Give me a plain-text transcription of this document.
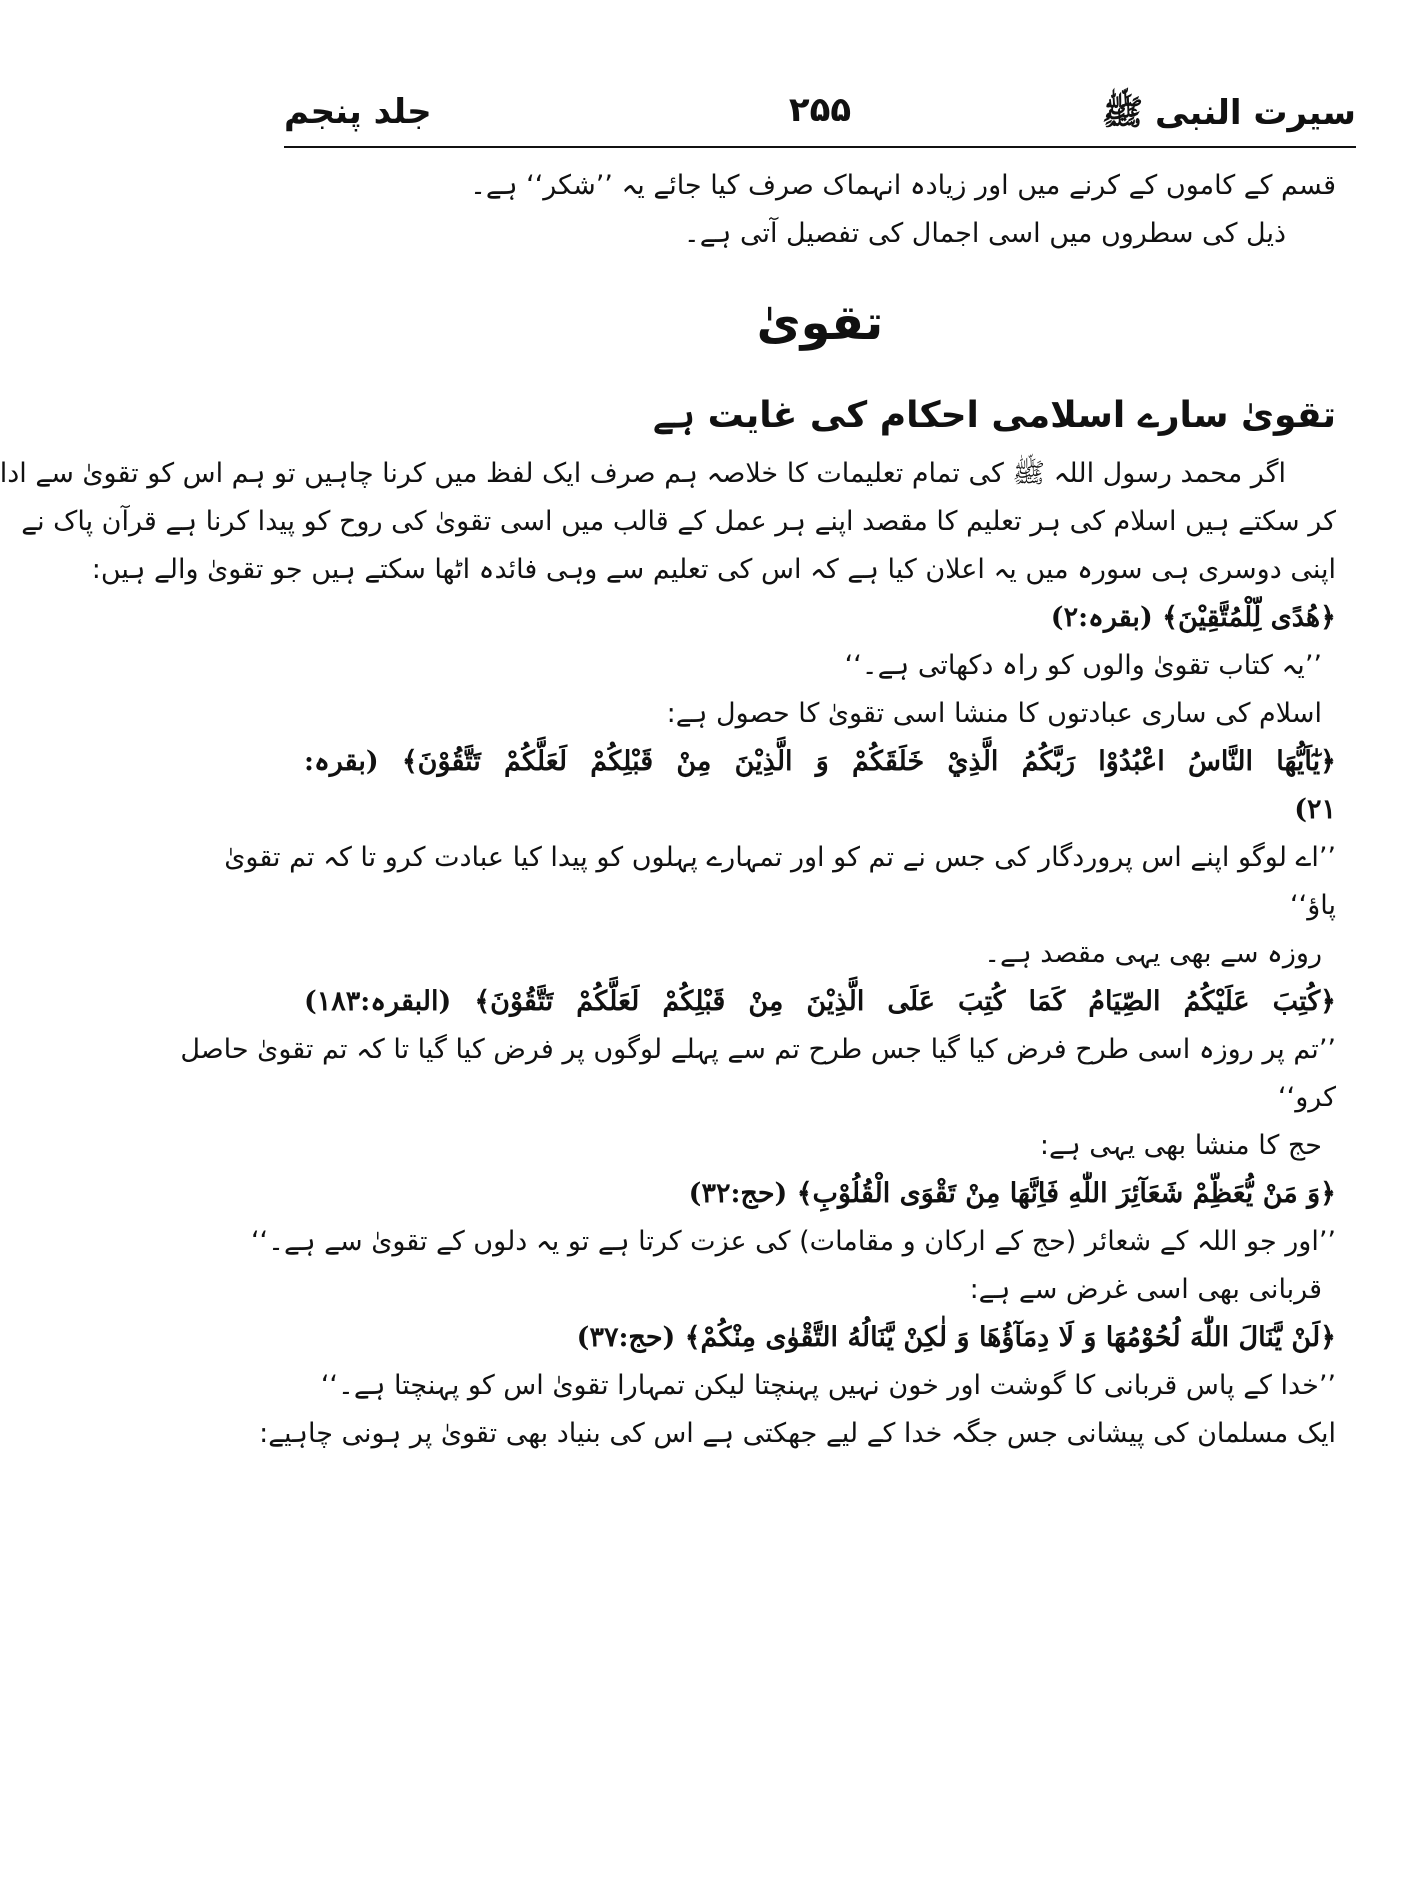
سیرت النبی ﷺ
۲۵۵
جلد پنجم
قسم کے کاموں کے کرنے میں اور زیادہ انہماک صرف کیا جائے یہ ’’شکر‘‘ ہے۔
ذیل کی سطروں میں اسی اجمال کی تفصیل آتی ہے۔
تقویٰ
تقویٰ سارے اسلامی احکام کی غایت ہے
اگر محمد رسول اللہ ﷺ کی تمام تعلیمات کا خلاصہ ہم صرف ایک لفظ میں کرنا چاہیں تو ہم اس کو تقویٰ سے ادا
کر سکتے ہیں اسلام کی ہر تعلیم کا مقصد اپنے ہر عمل کے قالب میں اسی تقویٰ کی روح کو پیدا کرنا ہے قرآن پاک نے
اپنی دوسری ہی سورہ میں یہ اعلان کیا ہے کہ اس کی تعلیم سے وہی فائدہ اٹھا سکتے ہیں جو تقویٰ والے ہیں:
﴿هُدًى لِّلْمُتَّقِيْنَ﴾ (بقرہ:۲)
’’یہ کتاب تقویٰ والوں کو راہ دکھاتی ہے۔‘‘
اسلام کی ساری عبادتوں کا منشا اسی تقویٰ کا حصول ہے:
﴿يٰٓاَيُّهَا النَّاسُ اعْبُدُوْا رَبَّكُمُ الَّذِيْ خَلَقَكُمْ وَ الَّذِيْنَ مِنْ قَبْلِكُمْ لَعَلَّكُمْ تَتَّقُوْنَ﴾ (بقرہ:
۲۱)
’’اے لوگو اپنے اس پروردگار کی جس نے تم کو اور تمہارے پہلوں کو پیدا کیا عبادت کرو تا کہ تم تقویٰ
پاؤ‘‘
روزہ سے بھی یہی مقصد ہے۔
﴿كُتِبَ عَلَيْكُمُ الصِّيَامُ كَمَا كُتِبَ عَلَى الَّذِيْنَ مِنْ قَبْلِكُمْ لَعَلَّكُمْ تَتَّقُوْنَ﴾ (البقرہ:۱۸۳)
’’تم پر روزہ اسی طرح فرض کیا گیا جس طرح تم سے پہلے لوگوں پر فرض کیا گیا تا کہ تم تقویٰ حاصل
کرو‘‘
حج کا منشا بھی یہی ہے:
﴿وَ مَنْ يُّعَظِّمْ شَعَآئِرَ اللّٰهِ فَاِنَّهَا مِنْ تَقْوَى الْقُلُوْبِ﴾ (حج:۳۲)
’’اور جو اللہ کے شعائر (حج کے ارکان و مقامات) کی عزت کرتا ہے تو یہ دلوں کے تقویٰ سے ہے۔‘‘
قربانی بھی اسی غرض سے ہے:
﴿لَنْ يَّنَالَ اللّٰهَ لُحُوْمُهَا وَ لَا دِمَآؤُهَا وَ لٰكِنْ يَّنَالُهُ التَّقْوٰى مِنْكُمْ﴾ (حج:۳۷)
’’خدا کے پاس قربانی کا گوشت اور خون نہیں پہنچتا لیکن تمہارا تقویٰ اس کو پہنچتا ہے۔‘‘
ایک مسلمان کی پیشانی جس جگہ خدا کے لیے جھکتی ہے اس کی بنیاد بھی تقویٰ پر ہونی چاہیے:
